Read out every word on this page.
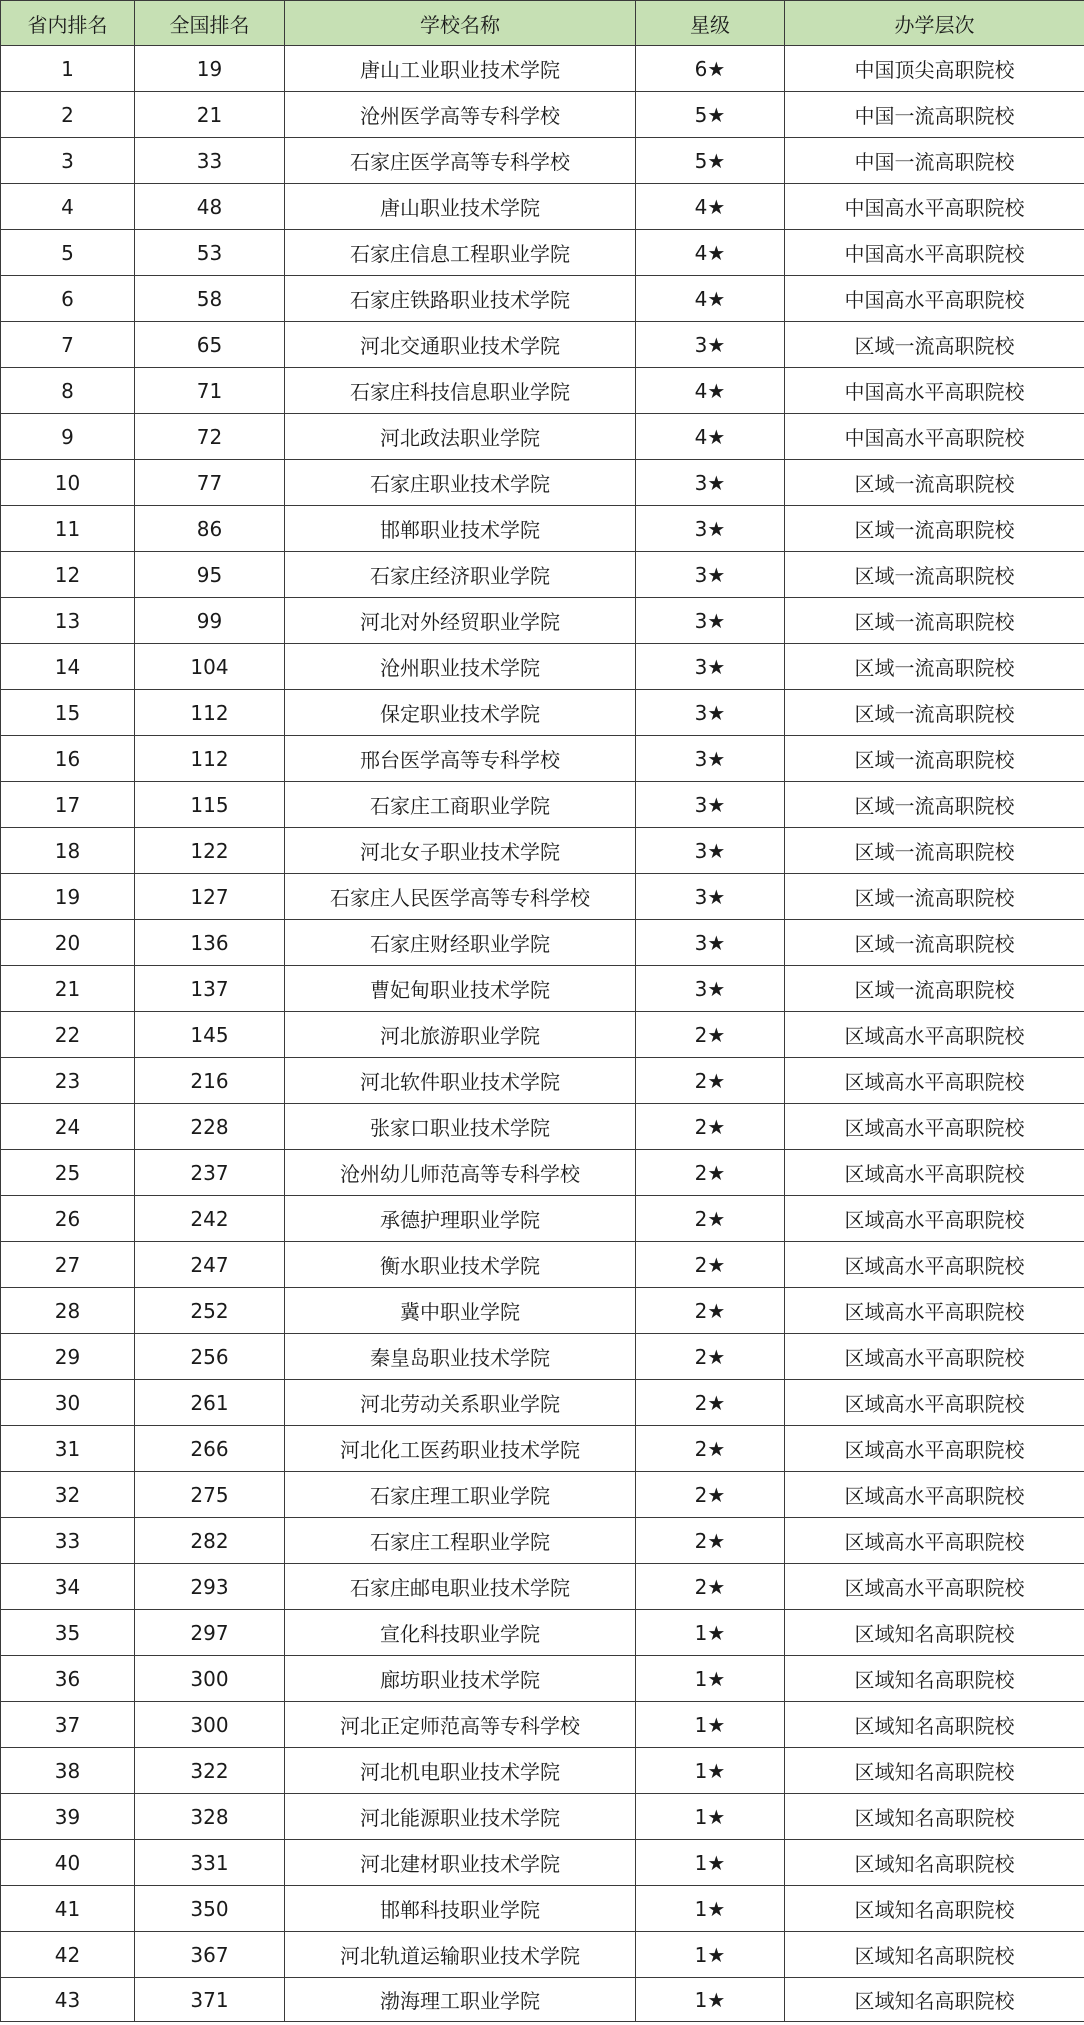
省内排名	全国排名	学校名称	星级	办学层次
1	19	唐山工业职业技术学院	6★	中国顶尖高职院校
2	21	沧州医学高等专科学校	5★	中国一流高职院校
3	33	石家庄医学高等专科学校	5★	中国一流高职院校
4	48	唐山职业技术学院	4★	中国高水平高职院校
5	53	石家庄信息工程职业学院	4★	中国高水平高职院校
6	58	石家庄铁路职业技术学院	4★	中国高水平高职院校
7	65	河北交通职业技术学院	3★	区域一流高职院校
8	71	石家庄科技信息职业学院	4★	中国高水平高职院校
9	72	河北政法职业学院	4★	中国高水平高职院校
10	77	石家庄职业技术学院	3★	区域一流高职院校
11	86	邯郸职业技术学院	3★	区域一流高职院校
12	95	石家庄经济职业学院	3★	区域一流高职院校
13	99	河北对外经贸职业学院	3★	区域一流高职院校
14	104	沧州职业技术学院	3★	区域一流高职院校
15	112	保定职业技术学院	3★	区域一流高职院校
16	112	邢台医学高等专科学校	3★	区域一流高职院校
17	115	石家庄工商职业学院	3★	区域一流高职院校
18	122	河北女子职业技术学院	3★	区域一流高职院校
19	127	石家庄人民医学高等专科学校	3★	区域一流高职院校
20	136	石家庄财经职业学院	3★	区域一流高职院校
21	137	曹妃甸职业技术学院	3★	区域一流高职院校
22	145	河北旅游职业学院	2★	区域高水平高职院校
23	216	河北软件职业技术学院	2★	区域高水平高职院校
24	228	张家口职业技术学院	2★	区域高水平高职院校
25	237	沧州幼儿师范高等专科学校	2★	区域高水平高职院校
26	242	承德护理职业学院	2★	区域高水平高职院校
27	247	衡水职业技术学院	2★	区域高水平高职院校
28	252	冀中职业学院	2★	区域高水平高职院校
29	256	秦皇岛职业技术学院	2★	区域高水平高职院校
30	261	河北劳动关系职业学院	2★	区域高水平高职院校
31	266	河北化工医药职业技术学院	2★	区域高水平高职院校
32	275	石家庄理工职业学院	2★	区域高水平高职院校
33	282	石家庄工程职业学院	2★	区域高水平高职院校
34	293	石家庄邮电职业技术学院	2★	区域高水平高职院校
35	297	宣化科技职业学院	1★	区域知名高职院校
36	300	廊坊职业技术学院	1★	区域知名高职院校
37	300	河北正定师范高等专科学校	1★	区域知名高职院校
38	322	河北机电职业技术学院	1★	区域知名高职院校
39	328	河北能源职业技术学院	1★	区域知名高职院校
40	331	河北建材职业技术学院	1★	区域知名高职院校
41	350	邯郸科技职业学院	1★	区域知名高职院校
42	367	河北轨道运输职业技术学院	1★	区域知名高职院校
43	371	渤海理工职业学院	1★	区域知名高职院校
